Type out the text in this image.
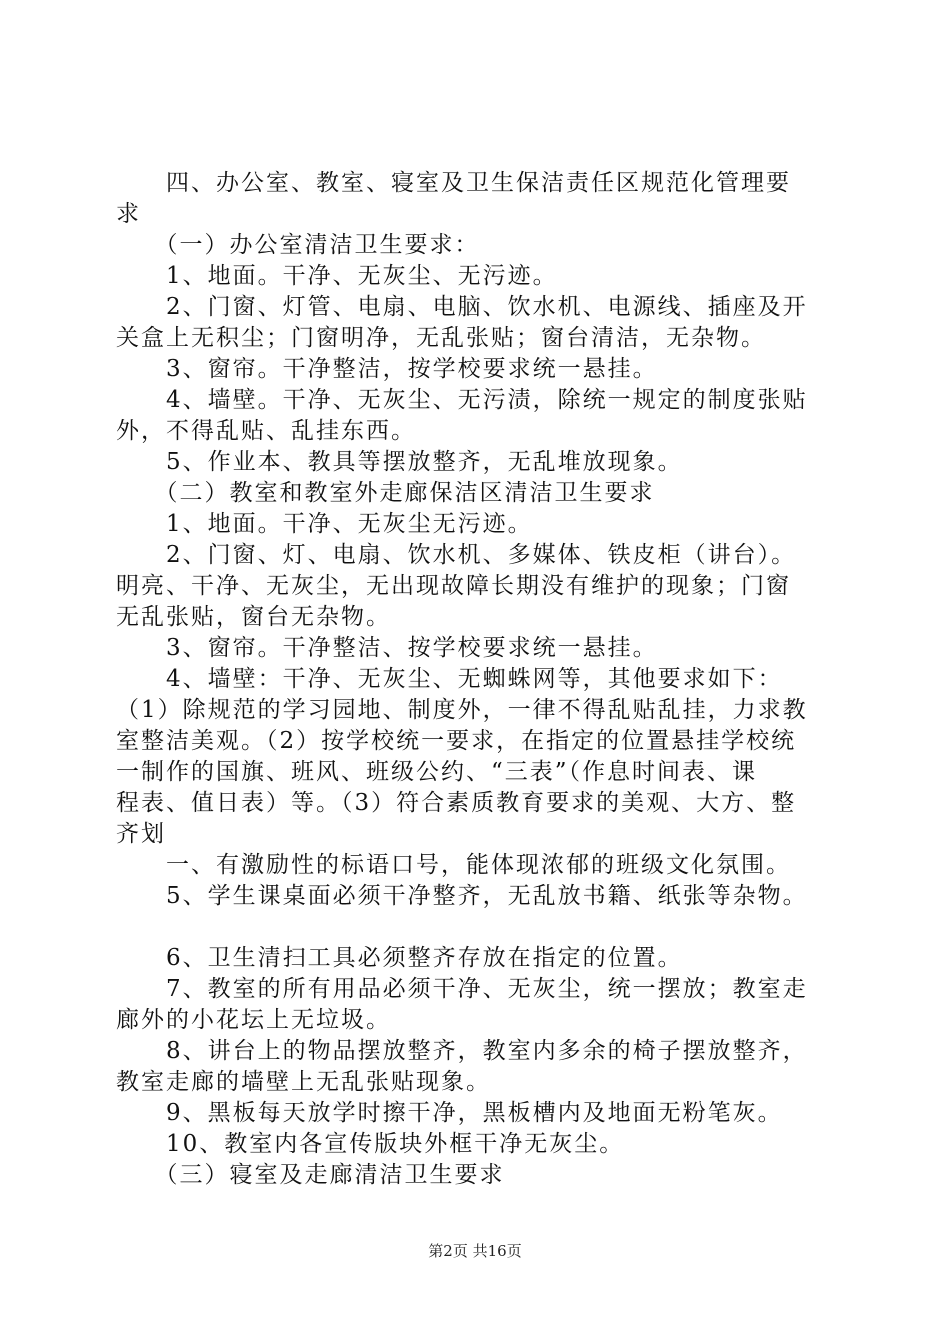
　　四、办公室、教室、寝室及卫生保洁责任区规范化管理要
求
　　（一）办公室清洁卫生要求：
　　1、地面。干净、无灰尘、无污迹。
　　2、门窗、灯管、电扇、电脑、饮水机、电源线、插座及开
关盒上无积尘；门窗明净，无乱张贴；窗台清洁，无杂物。
　　3、窗帘。干净整洁，按学校要求统一悬挂。
　　4、墙壁。干净、无灰尘、无污渍，除统一规定的制度张贴
外，不得乱贴、乱挂东西。
　　5、作业本、教具等摆放整齐，无乱堆放现象。
　　（二）教室和教室外走廊保洁区清洁卫生要求
　　1、地面。干净、无灰尘无污迹。
　　2、门窗、灯、电扇、饮水机、多媒体、铁皮柜（讲台）。
明亮、干净、无灰尘，无出现故障长期没有维护的现象；门窗
无乱张贴，窗台无杂物。
　　3、窗帘。干净整洁、按学校要求统一悬挂。
　　4、墙壁：干净、无灰尘、无蜘蛛网等，其他要求如下：
（1）除规范的学习园地、制度外，一律不得乱贴乱挂，力求教
室整洁美观。（2）按学校统一要求，在指定的位置悬挂学校统
一制作的国旗、班风、班级公约、“三表”（作息时间表、课
程表、值日表）等。（3）符合素质教育要求的美观、大方、整
齐划
　　一、有激励性的标语口号，能体现浓郁的班级文化氛围。
　　5、学生课桌面必须干净整齐，无乱放书籍、纸张等杂物。
　　6、卫生清扫工具必须整齐存放在指定的位置。
　　7、教室的所有用品必须干净、无灰尘，统一摆放；教室走
廊外的小花坛上无垃圾。
　　8、讲台上的物品摆放整齐，教室内多余的椅子摆放整齐，
教室走廊的墙壁上无乱张贴现象。
　　9、黑板每天放学时擦干净，黑板槽内及地面无粉笔灰。
　　10、教室内各宣传版块外框干净无灰尘。
　　（三）寝室及走廊清洁卫生要求
第2页 共16页
